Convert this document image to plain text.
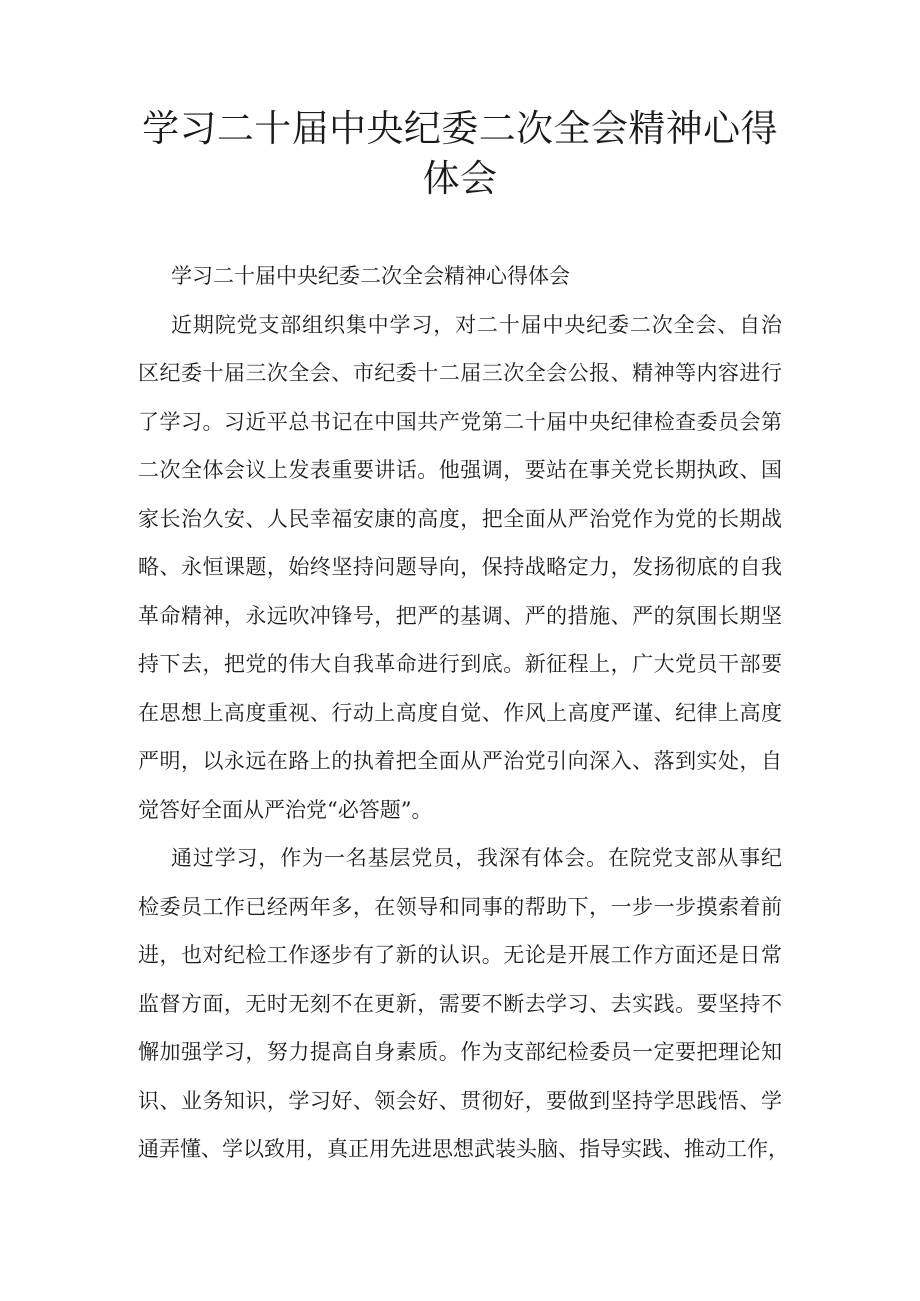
学习二十届中央纪委二次全会精神心得体会
学习二十届中央纪委二次全会精神心得体会
近期院党支部组织集中学习，对二十届中央纪委二次全会、自治
区纪委十届三次全会、市纪委十二届三次全会公报、精神等内容进行
了学习。习近平总书记在中国共产党第二十届中央纪律检查委员会第
二次全体会议上发表重要讲话。他强调，要站在事关党长期执政、国
家长治久安、人民幸福安康的高度，把全面从严治党作为党的长期战
略、永恒课题，始终坚持问题导向，保持战略定力，发扬彻底的自我
革命精神，永远吹冲锋号，把严的基调、严的措施、严的氛围长期坚
持下去，把党的伟大自我革命进行到底。新征程上，广大党员干部要
在思想上高度重视、行动上高度自觉、作风上高度严谨、纪律上高度
严明，以永远在路上的执着把全面从严治党引向深入、落到实处，自
觉答好全面从严治党“必答题”。
通过学习，作为一名基层党员，我深有体会。在院党支部从事纪
检委员工作已经两年多，在领导和同事的帮助下，一步一步摸索着前
进，也对纪检工作逐步有了新的认识。无论是开展工作方面还是日常
监督方面，无时无刻不在更新，需要不断去学习、去实践。要坚持不
懈加强学习，努力提高自身素质。作为支部纪检委员一定要把理论知
识、业务知识，学习好、领会好、贯彻好，要做到坚持学思践悟、学
通弄懂、学以致用，真正用先进思想武装头脑、指导实践、推动工作，
